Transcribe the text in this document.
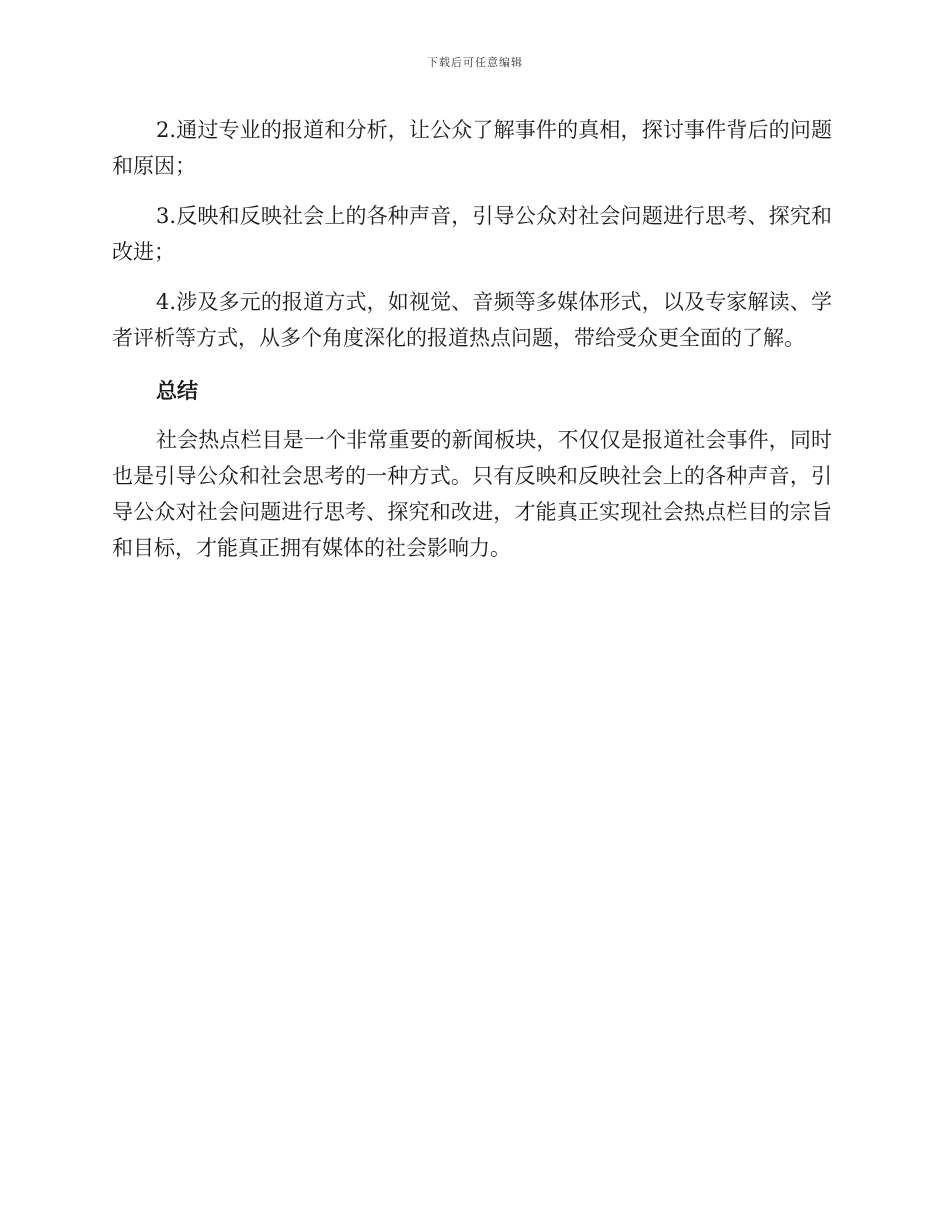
下载后可任意编辑

2.通过专业的报道和分析，让公众了解事件的真相，探讨事件背后的问题和原因；

3.反映和反映社会上的各种声音，引导公众对社会问题进行思考、探究和改进；

4.涉及多元的报道方式，如视觉、音频等多媒体形式，以及专家解读、学者评析等方式，从多个角度深化的报道热点问题，带给受众更全面的了解。

总结

社会热点栏目是一个非常重要的新闻板块，不仅仅是报道社会事件，同时也是引导公众和社会思考的一种方式。只有反映和反映社会上的各种声音，引导公众对社会问题进行思考、探究和改进，才能真正实现社会热点栏目的宗旨和目标，才能真正拥有媒体的社会影响力。
